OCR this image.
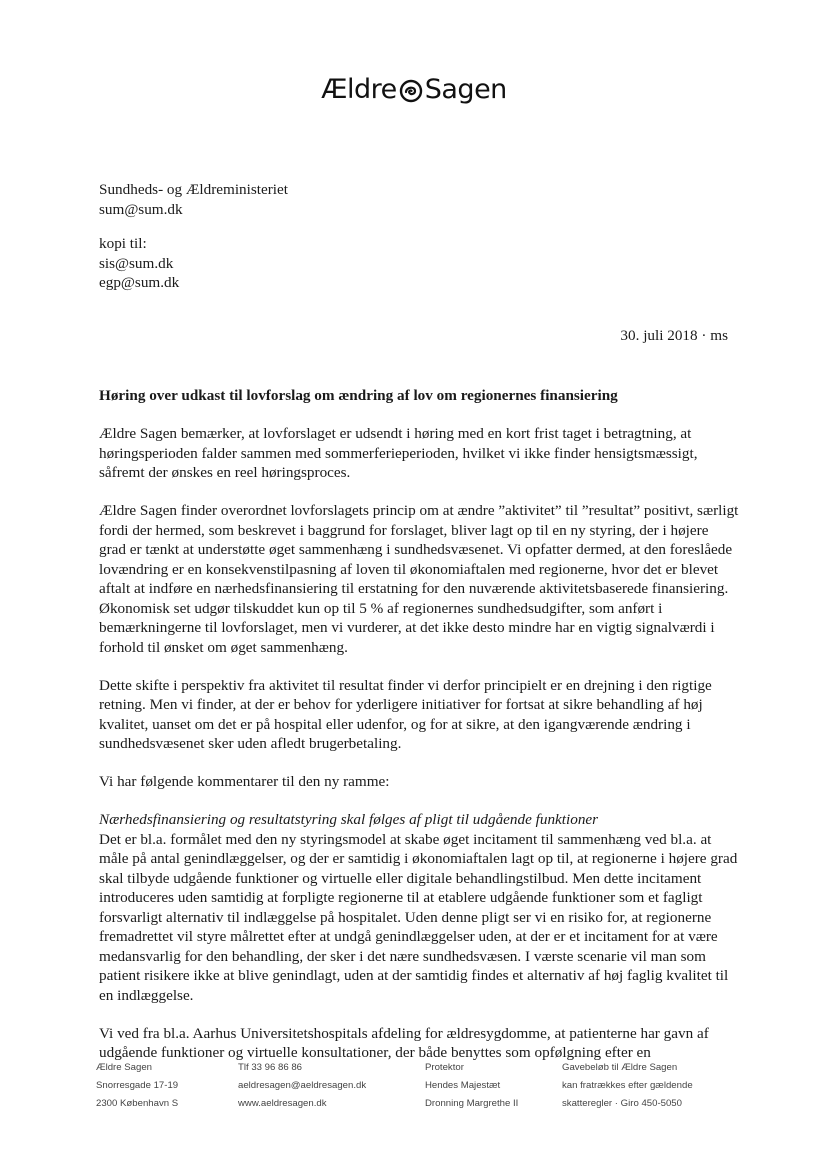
Ældre Sagen
Sundheds- og Ældreministeriet
sum@sum.dk
kopi til:
sis@sum.dk
egp@sum.dk
30. juli 2018 · ms
Høring over udkast til lovforslag om ændring af lov om regionernes finansiering

Ældre Sagen bemærker, at lovforslaget er udsendt i høring med en kort frist taget i betragtning, at høringsperioden falder sammen med sommerferieperioden, hvilket vi ikke finder hensigtsmæssigt, såfremt der ønskes en reel høringsproces.

Ældre Sagen finder overordnet lovforslagets princip om at ændre ”aktivitet” til ”resultat” positivt, særligt fordi der hermed, som beskrevet i baggrund for forslaget, bliver lagt op til en ny styring, der i højere grad er tænkt at understøtte øget sammenhæng i sundhedsvæsenet. Vi opfatter dermed, at den foreslåede lovændring er en konsekvenstilpasning af loven til økonomiaftalen med regionerne, hvor det er blevet aftalt at indføre en nærhedsfinansiering til erstatning for den nuværende aktivitetsbaserede finansiering. Økonomisk set udgør tilskuddet kun op til 5 % af regionernes sundhedsudgifter, som anført i bemærkningerne til lovforslaget, men vi vurderer, at det ikke desto mindre har en vigtig signalværdi i forhold til ønsket om øget sammenhæng.

Dette skifte i perspektiv fra aktivitet til resultat finder vi derfor principielt er en drejning i den rigtige retning. Men vi finder, at der er behov for yderligere initiativer for fortsat at sikre behandling af høj kvalitet, uanset om det er på hospital eller udenfor, og for at sikre, at den igangværende ændring i sundhedsvæsenet sker uden afledt brugerbetaling.

Vi har følgende kommentarer til den ny ramme:

Nærhedsfinansiering og resultatstyring skal følges af pligt til udgående funktioner

Det er bl.a. formålet med den ny styringsmodel at skabe øget incitament til sammenhæng ved bl.a. at måle på antal genindlæggelser, og der er samtidig i økonomiaftalen lagt op til, at regionerne i højere grad skal tilbyde udgående funktioner og virtuelle eller digitale behandlingstilbud. Men dette incitament introduceres uden samtidig at forpligte regionerne til at etablere udgående funktioner som et fagligt forsvarligt alternativ til indlæggelse på hospitalet. Uden denne pligt ser vi en risiko for, at regionerne fremadrettet vil styre målrettet efter at undgå genindlæggelser uden, at der er et incitament for at være medansvarlig for den behandling, der sker i det nære sundhedsvæsen. I værste scenarie vil man som patient risikere ikke at blive genindlagt, uden at der samtidig findes et alternativ af høj faglig kvalitet til en indlæggelse.

Vi ved fra bl.a. Aarhus Universitetshospitals afdeling for ældresygdomme, at patienterne har gavn af udgående funktioner og virtuelle konsultationer, der både benyttes som opfølgning efter en

Ældre Sagen
Snorresgade 17-19
2300 København S
Tlf 33 96 86 86
aeldresagen@aeldresagen.dk
www.aeldresagen.dk
Protektor
Hendes Majestæt
Dronning Margrethe II
Gavebeløb til Ældre Sagen
kan fratrækkes efter gældende
skatteregler · Giro 450-5050
